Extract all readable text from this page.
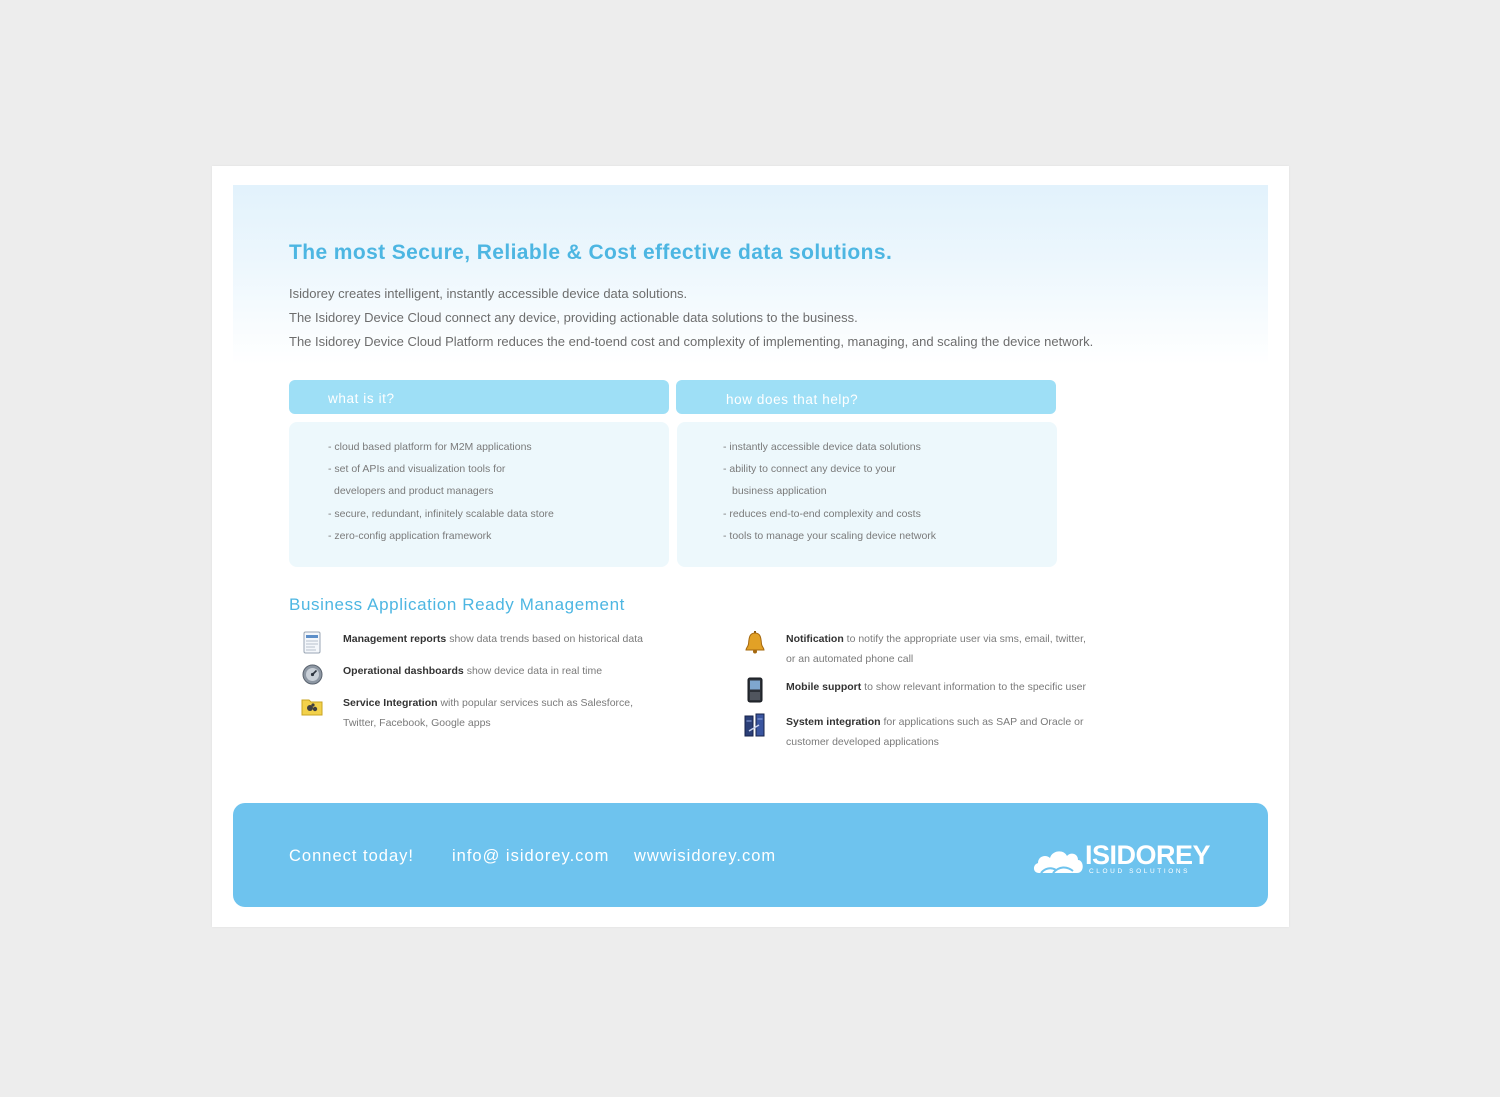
The most Secure, Reliable & Cost effective data solutions.
Isidorey creates intelligent, instantly accessible device data solutions.
The Isidorey Device Cloud connect any device, providing actionable data solutions to the business.
The Isidorey Device Cloud Platform reduces the end-toend cost and complexity of implementing, managing, and scaling the device network.
what is it?
- cloud based platform for M2M applications
- set of APIs and visualization tools for
developers and product managers
- secure, redundant, infinitely scalable data store
- zero-config application framework
how does that help?
- instantly accessible device data solutions
- ability to connect any device to your
business application
- reduces end-to-end complexity and costs
- tools to manage your scaling device network
Business Application Ready Management
Management reports show data trends based on historical data
Operational dashboards show device data in real time
Service Integration with popular services such as Salesforce,
Twitter, Facebook, Google apps
Notification to notify the appropriate user via sms, email, twitter,
or an automated phone call
Mobile support to show relevant information to the specific user
System integration for applications such as SAP and Oracle or
customer developed applications
Connect today! info@ isidorey.com wwwisidorey.com	ISIDOREY
CLOUD SOLUTIONS
